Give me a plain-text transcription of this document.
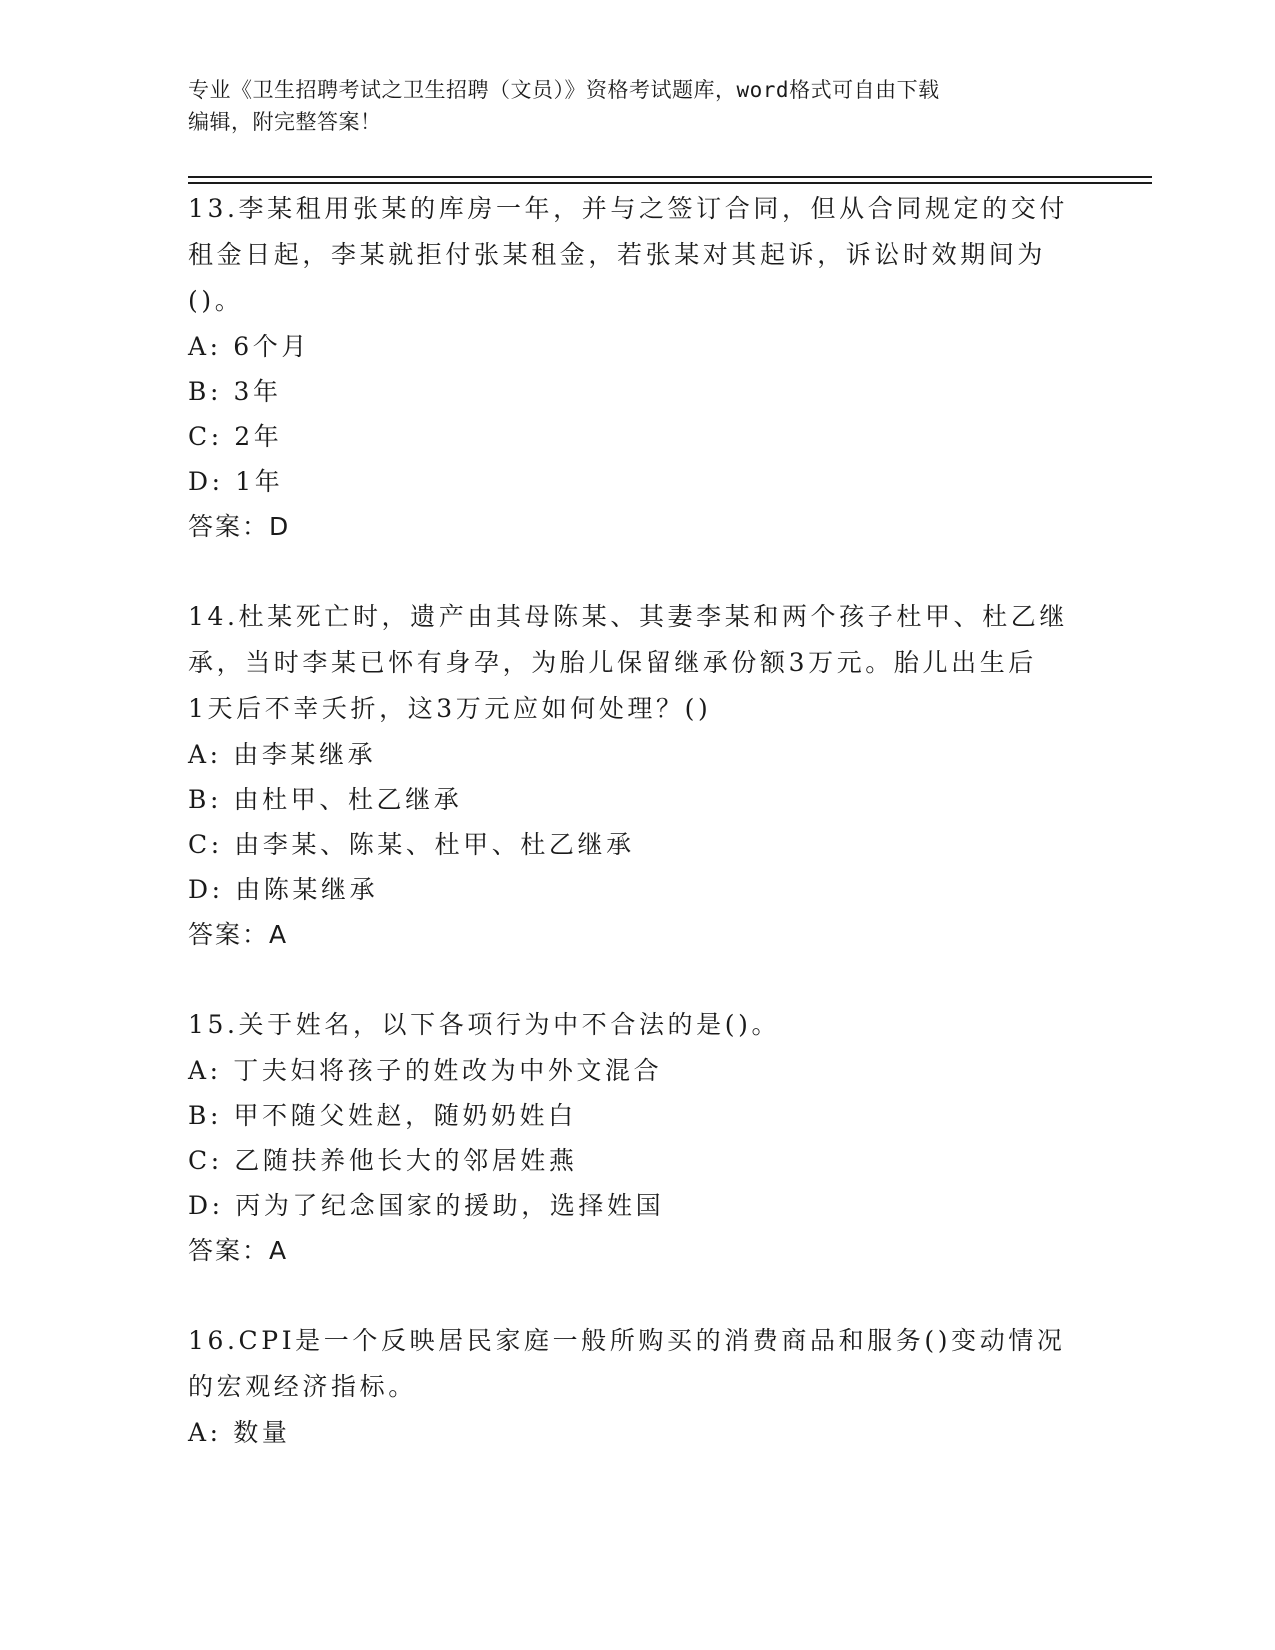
专业《卫生招聘考试之卫生招聘（文员）》资格考试题库，word格式可自由下载
编辑，附完整答案！
13.李某租用张某的库房一年，并与之签订合同，但从合同规定的交付
租金日起，李某就拒付张某租金，若张某对其起诉，诉讼时效期间为
()。
A: 6个月
B: 3年
C: 2年
D: 1年
答案：D
14.杜某死亡时，遗产由其母陈某、其妻李某和两个孩子杜甲、杜乙继
承，当时李某已怀有身孕，为胎儿保留继承份额3万元。胎儿出生后
1天后不幸夭折，这3万元应如何处理？()
A: 由李某继承
B: 由杜甲、杜乙继承
C: 由李某、陈某、杜甲、杜乙继承
D: 由陈某继承
答案：A
15.关于姓名，以下各项行为中不合法的是()。
A: 丁夫妇将孩子的姓改为中外文混合
B: 甲不随父姓赵，随奶奶姓白
C: 乙随扶养他长大的邻居姓燕
D: 丙为了纪念国家的援助，选择姓国
答案：A
16.CPI是一个反映居民家庭一般所购买的消费商品和服务()变动情况
的宏观经济指标。
A: 数量
